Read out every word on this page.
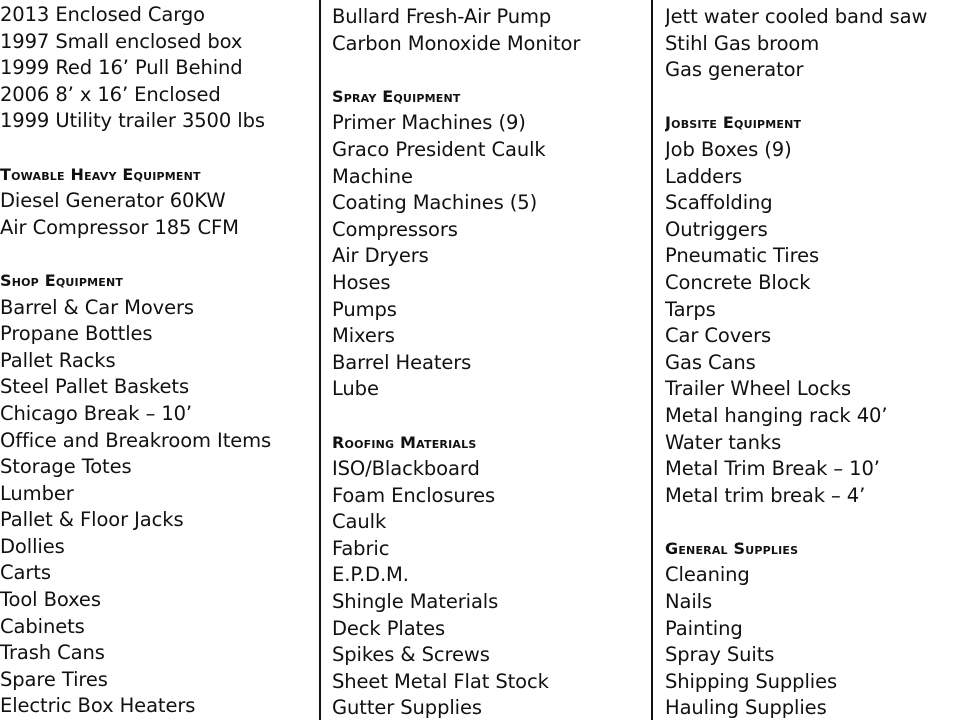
2013 Enclosed Cargo
1997 Small enclosed box
1999 Red 16’ Pull Behind
2006 8’ x 16’ Enclosed
1999 Utility trailer 3500 lbs
Towable Heavy Equipment
Diesel Generator 60KW
Air Compressor 185 CFM
Shop Equipment
Barrel & Car Movers
Propane Bottles
Pallet Racks
Steel Pallet Baskets
Chicago Break – 10’
Office and Breakroom Items
Storage Totes
Lumber
Pallet & Floor Jacks
Dollies
Carts
Tool Boxes
Cabinets
Trash Cans
Spare Tires
Electric Box Heaters
Bullard Fresh-Air Pump
Carbon Monoxide Monitor
Spray Equipment
Primer Machines (9)
Graco President Caulk
Machine
Coating Machines (5)
Compressors
Air Dryers
Hoses
Pumps
Mixers
Barrel Heaters
Lube
Roofing Materials
ISO/Blackboard
Foam Enclosures
Caulk
Fabric
E.P.D.M.
Shingle Materials
Deck Plates
Spikes & Screws
Sheet Metal Flat Stock
Gutter Supplies
Jett water cooled band saw
Stihl Gas broom
Gas generator
Jobsite Equipment
Job Boxes (9)
Ladders
Scaffolding
Outriggers
Pneumatic Tires
Concrete Block
Tarps
Car Covers
Gas Cans
Trailer Wheel Locks
Metal hanging rack 40’
Water tanks
Metal Trim Break – 10’
Metal trim break – 4’
General Supplies
Cleaning
Nails
Painting
Spray Suits
Shipping Supplies
Hauling Supplies
